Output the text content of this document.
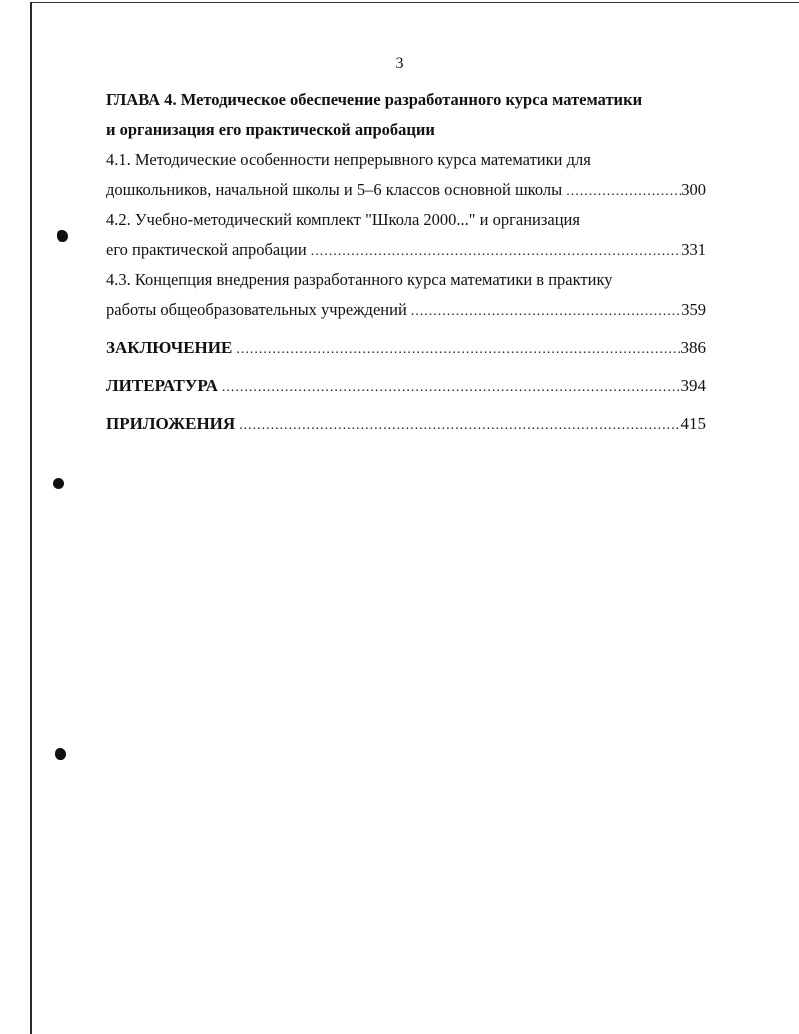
3
ГЛАВА 4. Методическое обеспечение разработанного курса математики
и организация его практической апробации
4.1. Методические особенности непрерывного курса математики для
дошкольников, начальной школы и 5–6 классов основной школы .....	300
4.2. Учебно-методический комплект "Школа 2000..." и организация
его практической апробации .....	331
4.3. Концепция внедрения разработанного курса математики в практику
работы общеобразовательных учреждений .....	359
ЗАКЛЮЧЕНИЕ .....	386
ЛИТЕРАТУРА .....	394
ПРИЛОЖЕНИЯ .....	415
